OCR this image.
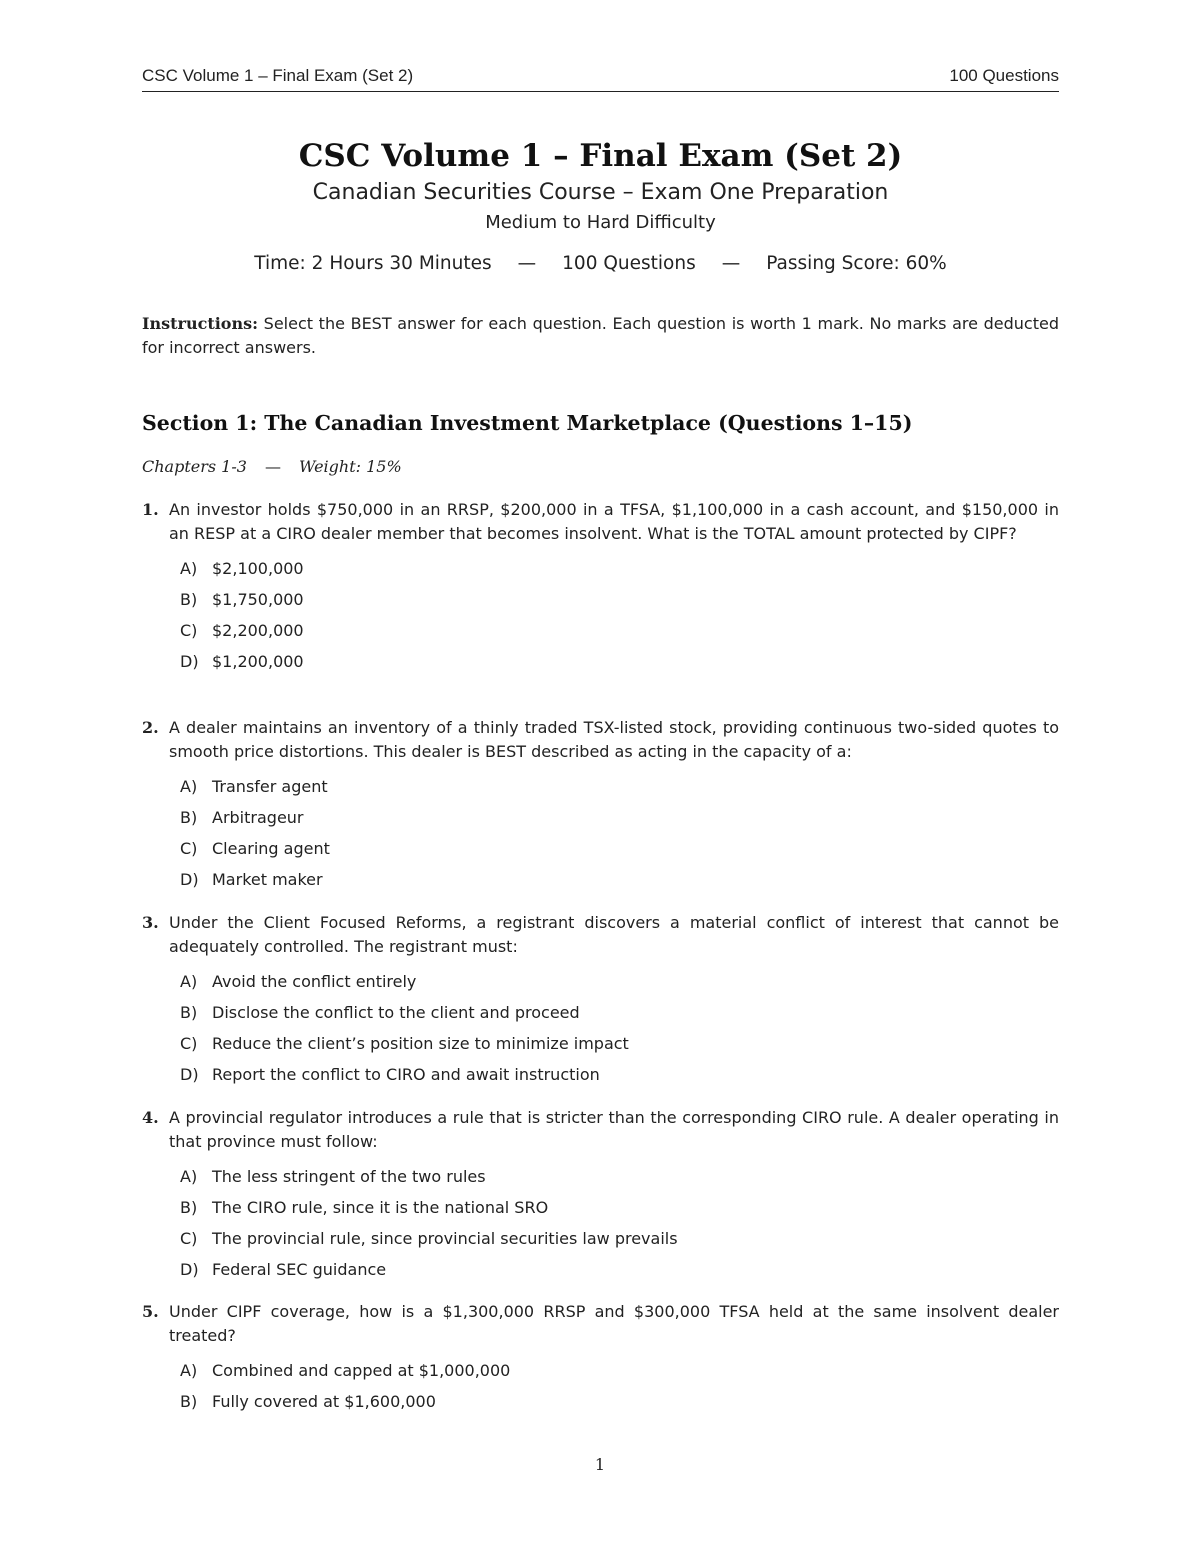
CSC Volume 1 – Final Exam (Set 2)	100 Questions
CSC Volume 1 – Final Exam (Set 2)
Canadian Securities Course – Exam One Preparation
Medium to Hard Difficulty
Time: 2 Hours 30 Minutes — 100 Questions — Passing Score: 60%
Instructions: Select the BEST answer for each question. Each question is worth 1 mark. No marks are deducted for incorrect answers.
Section 1: The Canadian Investment Marketplace (Questions 1–15)
Chapters 1-3 — Weight: 15%
1. An investor holds $750,000 in an RRSP, $200,000 in a TFSA, $1,100,000 in a cash account, and $150,000 in an RESP at a CIRO dealer member that becomes insolvent. What is the TOTAL amount protected by CIPF?
A) $2,100,000
B) $1,750,000
C) $2,200,000
D) $1,200,000
2. A dealer maintains an inventory of a thinly traded TSX-listed stock, providing continuous two-sided quotes to smooth price distortions. This dealer is BEST described as acting in the capacity of a:
A) Transfer agent
B) Arbitrageur
C) Clearing agent
D) Market maker
3. Under the Client Focused Reforms, a registrant discovers a material conflict of interest that cannot be adequately controlled. The registrant must:
A) Avoid the conflict entirely
B) Disclose the conflict to the client and proceed
C) Reduce the client’s position size to minimize impact
D) Report the conflict to CIRO and await instruction
4. A provincial regulator introduces a rule that is stricter than the corresponding CIRO rule. A dealer operating in that province must follow:
A) The less stringent of the two rules
B) The CIRO rule, since it is the national SRO
C) The provincial rule, since provincial securities law prevails
D) Federal SEC guidance
5. Under CIPF coverage, how is a $1,300,000 RRSP and $300,000 TFSA held at the same insolvent dealer treated?
A) Combined and capped at $1,000,000
B) Fully covered at $1,600,000
1
